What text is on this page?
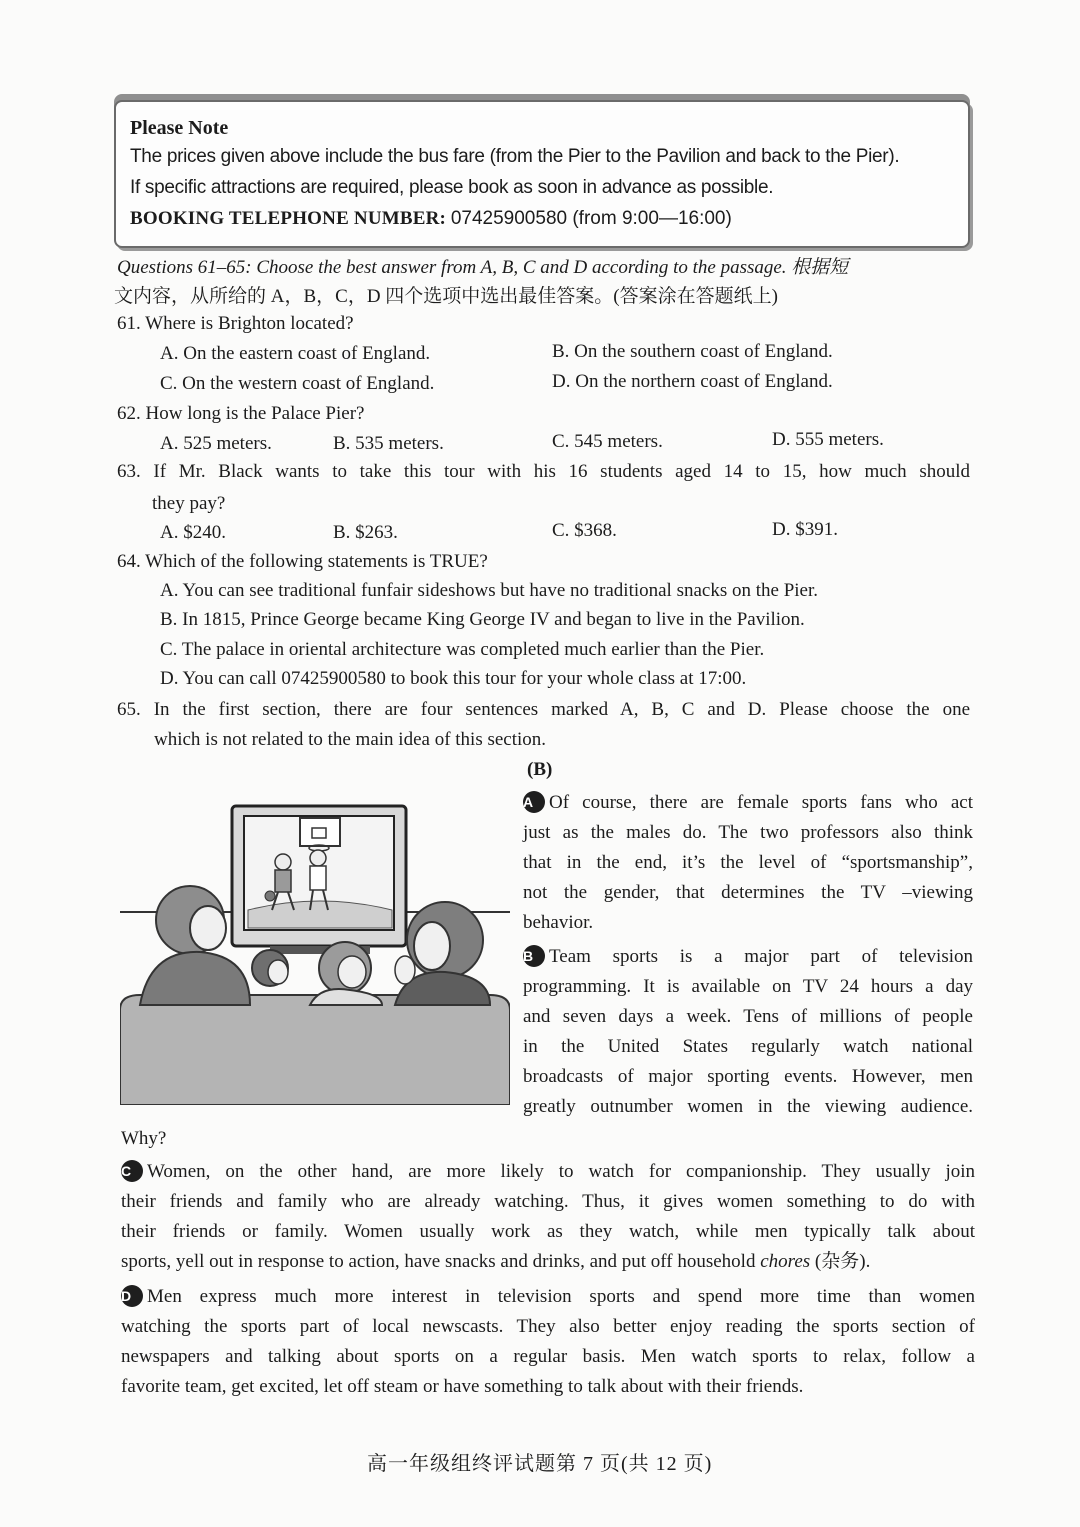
Please Note
The prices given above include the bus fare (from the Pier to the Pavilion and back to the Pier).
If specific attractions are required, please book as soon in advance as possible.
BOOKING TELEPHONE NUMBER: 07425900580 (from 9:00—16:00)
Questions 61–65: Choose the best answer from A, B, C and D according to the passage. 根据短
文内容，从所给的 A，B，C，D 四个选项中选出最佳答案。(答案涂在答题纸上)
61. Where is Brighton located?
A. On the eastern coast of England.	B. On the southern coast of England.
C. On the western coast of England.	D. On the northern coast of England.
62. How long is the Palace Pier?
A. 525 meters.	B. 535 meters.	C. 545 meters.	D. 555 meters.
63. If Mr. Black wants to take this tour with his 16 students aged 14 to 15, how much should
they pay?
A. $240.	B. $263.	C. $368.	D. $391.
64. Which of the following statements is TRUE?
A. You can see traditional funfair sideshows but have no traditional snacks on the Pier.
B. In 1815, Prince George became King George IV and began to live in the Pavilion.
C. The palace in oriental architecture was completed much earlier than the Pier.
D. You can call 07425900580 to book this tour for your whole class at 17:00.
65. In the first section, there are four sentences marked A, B, C and D. Please choose the one
which is not related to the main idea of this section.
(B)
A Of course, there are female sports fans who act
just as the males do. The two professors also think
that in the end, it’s the level of “sportsmanship”,
not the gender, that determines the TV –viewing
behavior.
B Team sports is a major part of television
programming. It is available on TV 24 hours a day
and seven days a week. Tens of millions of people
in the United States regularly watch national
broadcasts of major sporting events. However, men
greatly outnumber women in the viewing audience.
Why?
C Women, on the other hand, are more likely to watch for companionship. They usually join
their friends and family who are already watching. Thus, it gives women something to do with
their friends or family. Women usually work as they watch, while men typically talk about
sports, yell out in response to action, have snacks and drinks, and put off household chores (杂务).
D Men express much more interest in television sports and spend more time than women
watching the sports part of local newscasts. They also better enjoy reading the sports section of
newspapers and talking about sports on a regular basis. Men watch sports to relax, follow a
favorite team, get excited, let off steam or have something to talk about with their friends.
高一年级组终评试题第 7 页(共 12 页)
